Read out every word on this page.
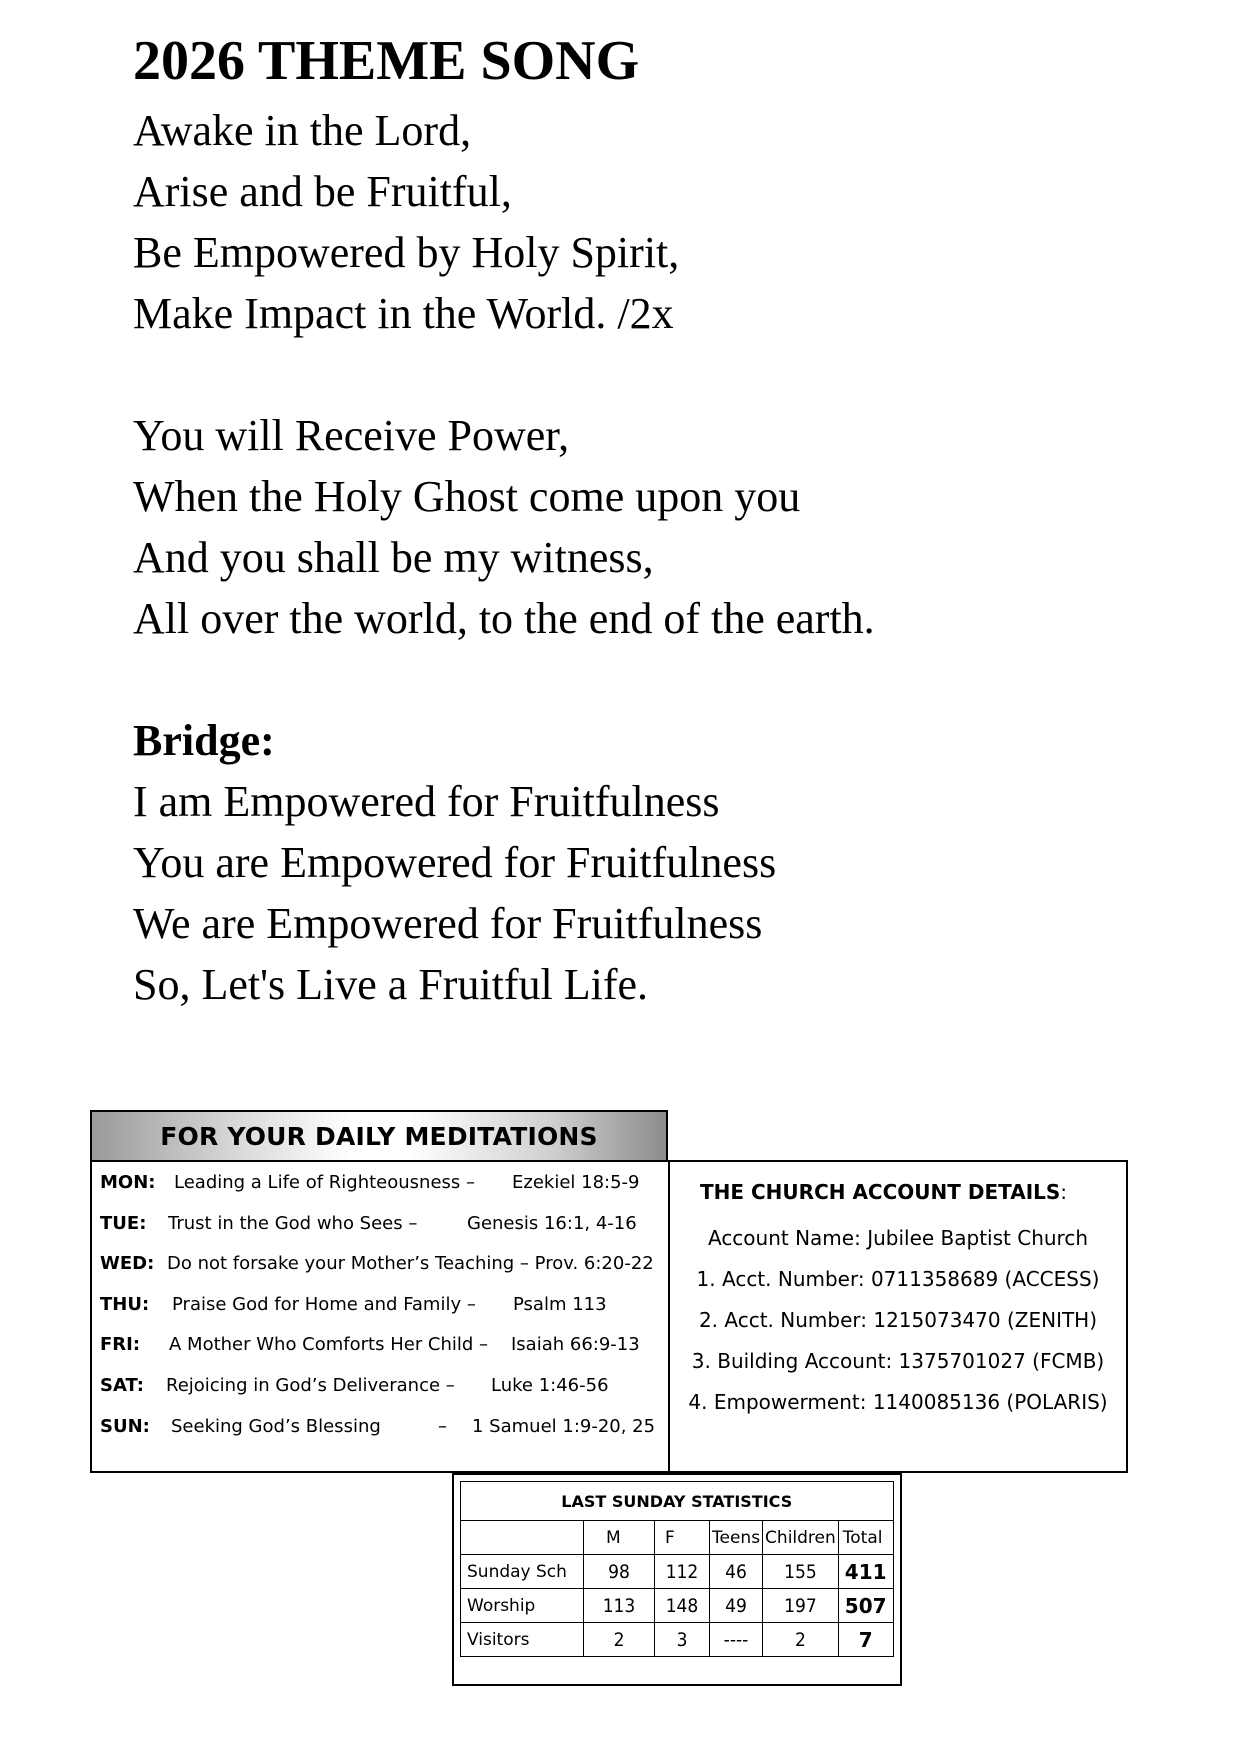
2026 THEME SONG
Awake in the Lord,
Arise and be Fruitful,
Be Empowered by Holy Spirit,
Make Impact in the World. /2x
You will Receive Power,
When the Holy Ghost come upon you
And you shall be my witness,
All over the world, to the end of the earth.
Bridge:
I am Empowered for Fruitfulness
You are Empowered for Fruitfulness
We are Empowered for Fruitfulness
So, Let's Live a Fruitful Life.
FOR YOUR DAILY MEDITATIONS
MON: Leading a Life of Righteousness – Ezekiel 18:5-9
TUE: Trust in the God who Sees –	Genesis 16:1, 4-16
WED: Do not forsake your Mother’s Teaching – Prov. 6:20-22
THU: Praise God for Home and Family – Psalm 113
FRI: A Mother Who Comforts Her Child – Isaiah 66:9-13
SAT: Rejoicing in God’s Deliverance – Luke 1:46-56
SUN: Seeking God’s Blessing          – 1 Samuel 1:9-20, 25
THE CHURCH ACCOUNT DETAILS:
Account Name: Jubilee Baptist Church
1. Acct. Number: 0711358689 (ACCESS)
2. Acct. Number: 1215073470 (ZENITH)
3. Building Account: 1375701027 (FCMB)
4. Empowerment: 1140085136 (POLARIS)
LAST SUNDAY STATISTICS					
	M	F	Teens	Children	Total
Sunday Sch	98	112	46	155	411
Worship	113	148	49	197	507
Visitors	2	3	----	2	7
